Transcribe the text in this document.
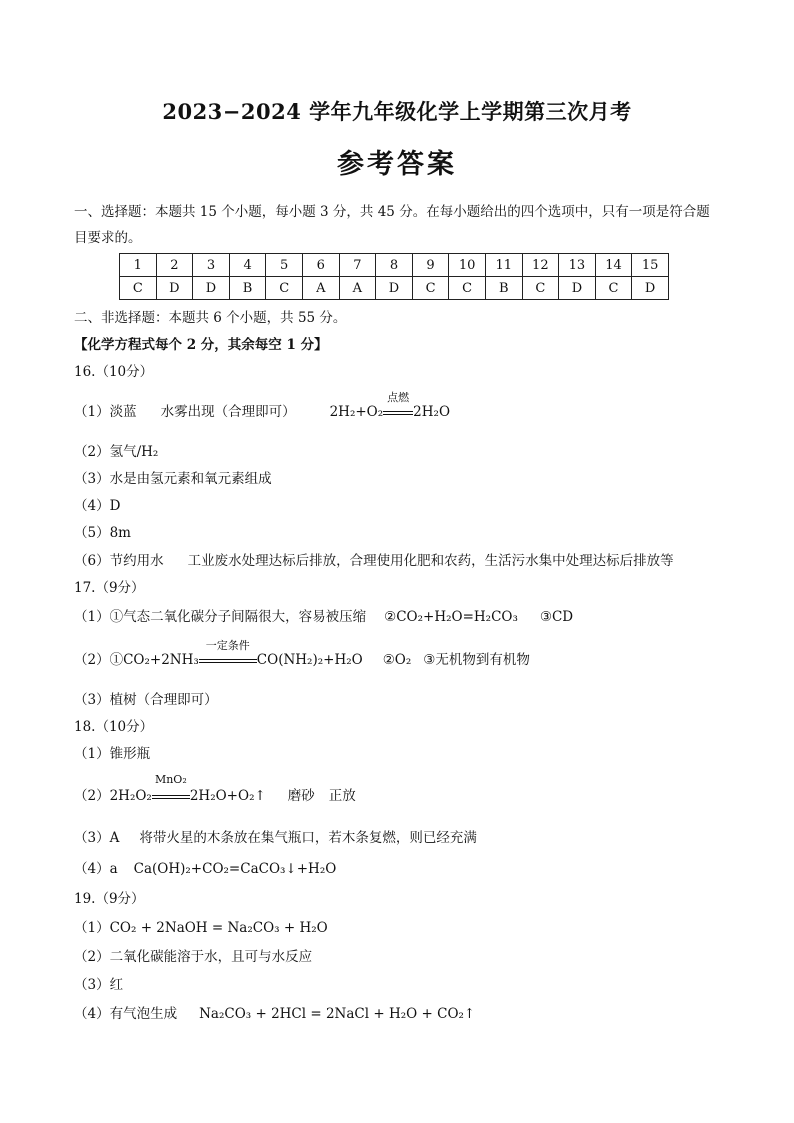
2023−2024 学年九年级化学上学期第三次月考
参考答案
一、选择题：本题共 15 个小题，每小题 3 分，共 45 分。在每小题给出的四个选项中，只有一项是符合题
目要求的。
1	2	3	4	5	6	7	8	9	10	11	12	13	14	15
C	D	D	B	C	A	A	D	C	C	B	C	D	C	D
二、非选择题：本题共 6 个小题，共 55 分。
【化学方程式每个 2 分，其余每空 1 分】
16.（10分）
（1）淡蓝 水雾出现（合理即可）	2H₂+O₂
点燃
2H₂O
（2）氢气/H₂
（3）水是由氢元素和氧元素组成
（4）D
（5）8m
（6）节约用水 工业废水处理达标后排放，合理使用化肥和农药，生活污水集中处理达标后排放等
17.（9分）
（1）①气态二氧化碳分子间隔很大，容易被压缩 ②CO₂+H₂O=H₂CO₃ ③CD
（2）①CO₂+2NH₃
一定条件
CO(NH₂)₂+H₂O ②O₂ ③无机物到有机物
（3）植树（合理即可）
18.（10分）
（1）锥形瓶
（2）2H₂O₂
MnO₂
2H₂O+O₂↑ 磨砂 正放
（3）A 将带火星的木条放在集气瓶口，若木条复燃，则已经充满
（4）a Ca(OH)₂+CO₂=CaCO₃↓+H₂O
19.（9分）
（1）CO₂ + 2NaOH = Na₂CO₃ + H₂O
（2）二氧化碳能溶于水，且可与水反应
（3）红
（4）有气泡生成 Na₂CO₃ + 2HCl = 2NaCl + H₂O + CO₂↑
